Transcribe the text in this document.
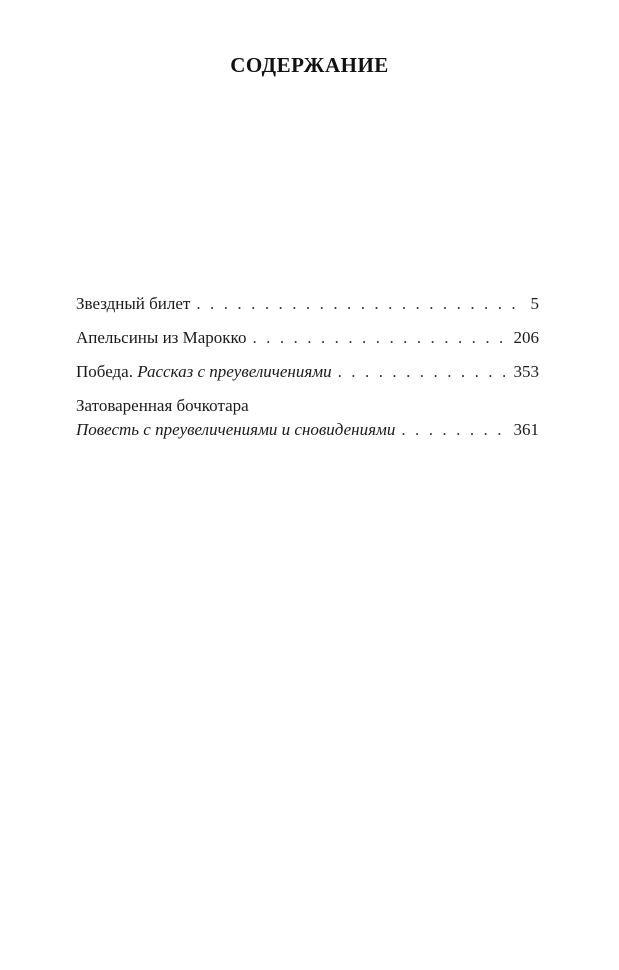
СОДЕРЖАНИЕ
Звездный билет . . .	5
Апельсины из Марокко . . .	206
Победа. Рассказ с преувеличениями . . .	353
Затоваренная бочкотара
Повесть с преувеличениями и сновидениями . . .	361
